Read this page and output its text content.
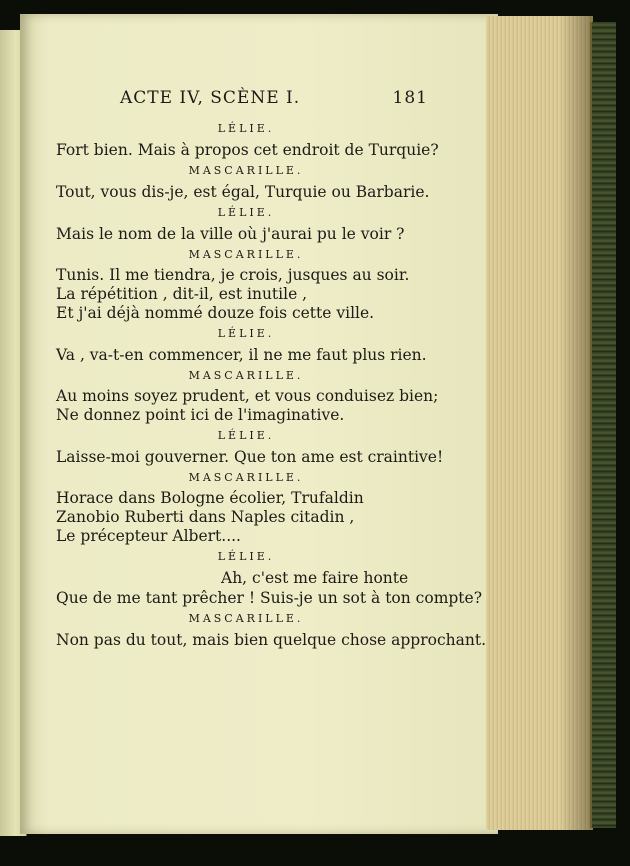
ACTE IV, SCÈNE I.	181
LÉLIE.
Fort bien. Mais à propos cet endroit de Turquie?
MASCARILLE.
Tout, vous dis-je, est égal, Turquie ou Barbarie.
LÉLIE.
Mais le nom de la ville où j'aurai pu le voir ?
MASCARILLE.
Tunis. Il me tiendra, je crois, jusques au soir.
La répétition , dit-il, est inutile ,
Et j'ai déjà nommé douze fois cette ville.
LÉLIE.
Va , va-t-en commencer, il ne me faut plus rien.
MASCARILLE.
Au moins soyez prudent, et vous conduisez bien;
Ne donnez point ici de l'imaginative.
LÉLIE.
Laisse-moi gouverner. Que ton ame est craintive!
MASCARILLE.
Horace dans Bologne écolier, Trufaldin
Zanobio Ruberti dans Naples citadin ,
Le précepteur Albert....
LÉLIE.
Ah, c'est me faire honte
Que de me tant prêcher ! Suis-je un sot à ton compte?
MASCARILLE.
Non pas du tout, mais bien quelque chose approchant.
